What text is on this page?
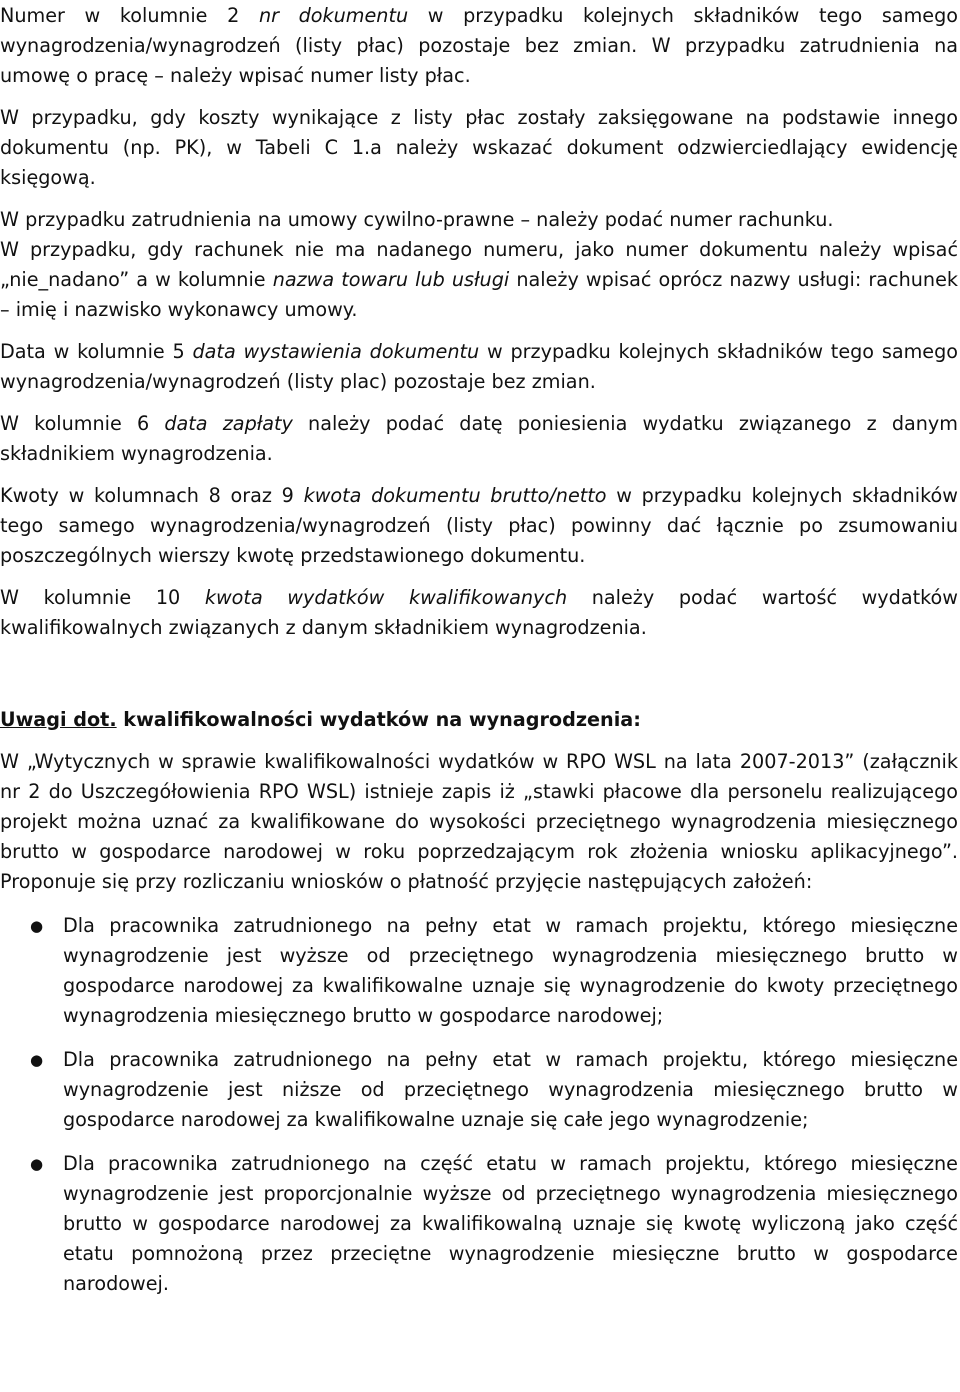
Numer w kolumnie 2 nr dokumentu w przypadku kolejnych składników tego samego wynagrodzenia/wynagrodzeń (listy płac) pozostaje bez zmian. W przypadku zatrudnienia na umowę o pracę – należy wpisać numer listy płac.

W przypadku, gdy koszty wynikające z listy płac zostały zaksięgowane na podstawie innego dokumentu (np. PK), w Tabeli C 1.a należy wskazać dokument odzwierciedlający ewidencję księgową.

W przypadku zatrudnienia na umowy cywilno-prawne – należy podać numer rachunku.

W przypadku, gdy rachunek nie ma nadanego numeru, jako numer dokumentu należy wpisać „nie_nadano” a w kolumnie nazwa towaru lub usługi należy wpisać oprócz nazwy usługi: rachunek – imię i nazwisko wykonawcy umowy.

Data w kolumnie 5 data wystawienia dokumentu w przypadku kolejnych składników tego samego wynagrodzenia/wynagrodzeń (listy plac) pozostaje bez zmian.

W kolumnie 6 data zapłaty należy podać datę poniesienia wydatku związanego z danym składnikiem wynagrodzenia.

Kwoty w kolumnach 8 oraz 9 kwota dokumentu brutto/netto w przypadku kolejnych składników tego samego wynagrodzenia/wynagrodzeń (listy płac) powinny dać łącznie po zsumowaniu poszczególnych wierszy kwotę przedstawionego dokumentu.

W kolumnie 10 kwota wydatków kwalifikowanych należy podać wartość wydatków kwalifikowalnych związanych z danym składnikiem wynagrodzenia.

Uwagi dot. kwalifikowalności wydatków na wynagrodzenia:

W „Wytycznych w sprawie kwalifikowalności wydatków w RPO WSL na lata 2007-2013” (załącznik nr 2 do Uszczegółowienia RPO WSL) istnieje zapis iż „stawki płacowe dla personelu realizującego projekt można uznać za kwalifikowane do wysokości przeciętnego wynagrodzenia miesięcznego brutto w gospodarce narodowej w roku poprzedzającym rok złożenia wniosku aplikacyjnego”. Proponuje się przy rozliczaniu wniosków o płatność przyjęcie następujących założeń:

● Dla pracownika zatrudnionego na pełny etat w ramach projektu, którego miesięczne wynagrodzenie jest wyższe od przeciętnego wynagrodzenia miesięcznego brutto w gospodarce narodowej za kwalifikowalne uznaje się wynagrodzenie do kwoty przeciętnego wynagrodzenia miesięcznego brutto w gospodarce narodowej;
● Dla pracownika zatrudnionego na pełny etat w ramach projektu, którego miesięczne wynagrodzenie jest niższe od przeciętnego wynagrodzenia miesięcznego brutto w gospodarce narodowej za kwalifikowalne uznaje się całe jego wynagrodzenie;
● Dla pracownika zatrudnionego na część etatu w ramach projektu, którego miesięczne wynagrodzenie jest proporcjonalnie wyższe od przeciętnego wynagrodzenia miesięcznego brutto w gospodarce narodowej za kwalifikowalną uznaje się kwotę wyliczoną jako część etatu pomnożoną przez przeciętne wynagrodzenie miesięczne brutto w gospodarce narodowej.
